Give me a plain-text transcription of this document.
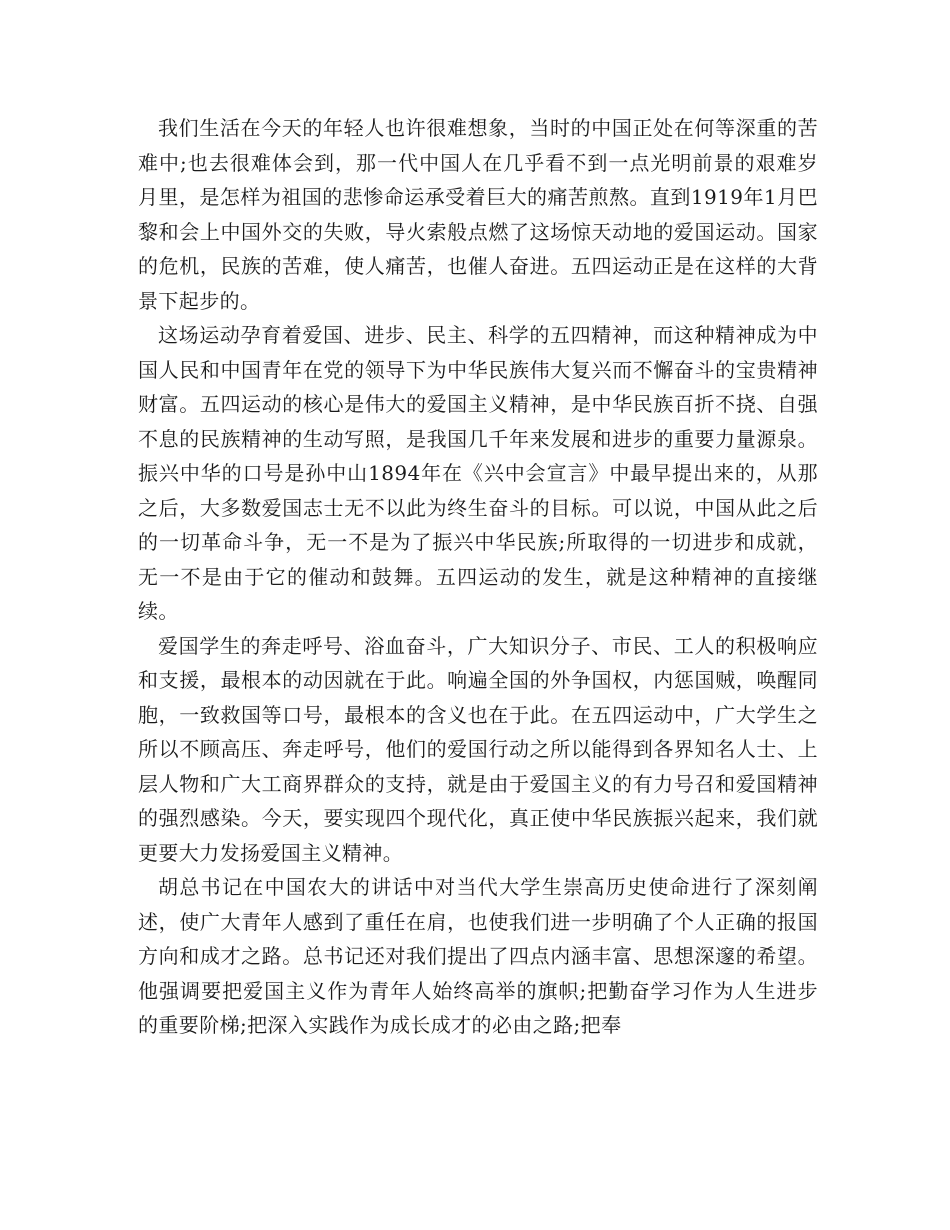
我们生活在今天的年轻人也许很难想象，当时的中国正处在何等深重的苦难中;也去很难体会到，那一代中国人在几乎看不到一点光明前景的艰难岁月里，是怎样为祖国的悲惨命运承受着巨大的痛苦煎熬。直到1919年1月巴黎和会上中国外交的失败，导火索般点燃了这场惊天动地的爱国运动。国家的危机，民族的苦难，使人痛苦，也催人奋进。五四运动正是在这样的大背景下起步的。

这场运动孕育着爱国、进步、民主、科学的五四精神，而这种精神成为中国人民和中国青年在党的领导下为中华民族伟大复兴而不懈奋斗的宝贵精神财富。五四运动的核心是伟大的爱国主义精神，是中华民族百折不挠、自强不息的民族精神的生动写照，是我国几千年来发展和进步的重要力量源泉。振兴中华的口号是孙中山1894年在《兴中会宣言》中最早提出来的，从那之后，大多数爱国志士无不以此为终生奋斗的目标。可以说，中国从此之后的一切革命斗争，无一不是为了振兴中华民族;所取得的一切进步和成就，无一不是由于它的催动和鼓舞。五四运动的发生，就是这种精神的直接继续。

爱国学生的奔走呼号、浴血奋斗，广大知识分子、市民、工人的积极响应和支援，最根本的动因就在于此。响遍全国的外争国权，内惩国贼，唤醒同胞，一致救国等口号，最根本的含义也在于此。在五四运动中，广大学生之所以不顾高压、奔走呼号，他们的爱国行动之所以能得到各界知名人士、上层人物和广大工商界群众的支持，就是由于爱国主义的有力号召和爱国精神的强烈感染。今天，要实现四个现代化，真正使中华民族振兴起来，我们就更要大力发扬爱国主义精神。

胡总书记在中国农大的讲话中对当代大学生崇高历史使命进行了深刻阐述，使广大青年人感到了重任在肩，也使我们进一步明确了个人正确的报国方向和成才之路。总书记还对我们提出了四点内涵丰富、思想深邃的希望。他强调要把爱国主义作为青年人始终高举的旗帜;把勤奋学习作为人生进步的重要阶梯;把深入实践作为成长成才的必由之路;把奉
